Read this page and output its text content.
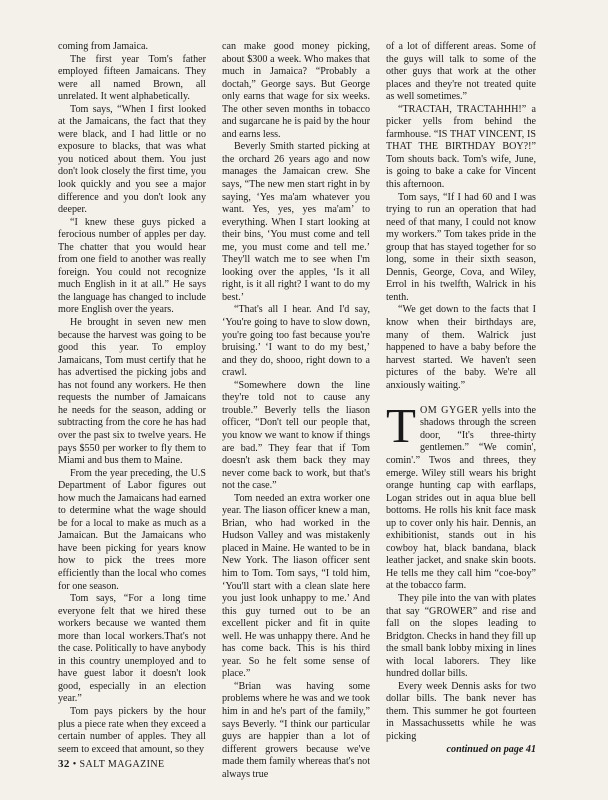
coming from Jamaica.

The first year Tom's father employed fifteen Jamaicans. They were all named Brown, all unrelated. It went alphabetically.

Tom says, “When I first looked at the Jamaicans, the fact that they were black, and I had little or no exposure to blacks, that was what you noticed about them. You just don't look closely the first time, you look quickly and you see a major difference and you don't look any deeper.

“I knew these guys picked a ferocious number of apples per day. The chatter that you would hear from one field to another was really foreign. You could not recognize much English in it at all.” He says the language has changed to include more English over the years.

He brought in seven new men because the harvest was going to be good this year. To employ Jamaicans, Tom must certify that he has advertised the picking jobs and has not found any workers. He then requests the number of Jamaicans he needs for the season, adding or subtracting from the core he has had over the past six to twelve years. He pays $550 per worker to fly them to Miami and bus them to Maine.

From the year preceding, the U.S Department of Labor figures out how much the Jamaicans had earned to determine what the wage should be for a local to make as much as a Jamaican. But the Jamaicans who have been picking for years know how to pick the trees more efficiently than the local who comes for one season.

Tom says, “For a long time everyone felt that we hired these workers because we wanted them more than local workers.That's not the case. Politically to have anybody in this country unemployed and to have guest labor it doesn't look good, especially in an election year.”

Tom pays pickers by the hour plus a piece rate when they exceed a certain number of apples. They all seem to exceed that amount, so they

can make good money picking, about $300 a week. Who makes that much in Jamaica? “Probably a doctah,” George says. But George only earns that wage for six weeks. The other seven months in tobacco and sugarcane he is paid by the hour and earns less.

Beverly Smith started picking at the orchard 26 years ago and now manages the Jamaican crew. She says, “The new men start right in by saying, ‘Yes ma'am whatever you want. Yes, yes, yes ma'am’ to everything. When I start looking at their bins, ‘You must come and tell me, you must come and tell me.’ They'll watch me to see when I'm looking over the apples, ‘Is it all right, is it all right? I want to do my best.’

“That's all I hear. And I'd say, ‘You're going to have to slow down, you're going too fast because you're bruising.’ ‘I want to do my best,’ and they do, shooo, right down to a crawl.

“Somewhere down the line they're told not to cause any trouble.” Beverly tells the liason officer, “Don't tell our people that, you know we want to know if things are bad.” They fear that if Tom doesn't ask them back they may never come back to work, but that's not the case.”

Tom needed an extra worker one year. The liason officer knew a man, Brian, who had worked in the Hudson Valley and was mistakenly placed in Maine. He wanted to be in New York. The liason officer sent him to Tom. Tom says, “I told him, ‘You'll start with a clean slate here you just look unhappy to me.’ And this guy turned out to be an excellent picker and fit in quite well. He was unhappy there. And he has come back. This is his third year. So he felt some sense of place.”

“Brian was having some problems where he was and we took him in and he's part of the family,” says Beverly. “I think our particular guys are happier than a lot of different growers because we've made them family whereas that's not always true

of a lot of different areas. Some of the guys will talk to some of the other guys that work at the other places and they're not treated quite as well sometimes.”

“TRACTAH, TRACTAHHH!” a picker yells from behind the farmhouse. “IS THAT VINCENT, IS THAT THE BIRTHDAY BOY?!” Tom shouts back. Tom's wife, June, is going to bake a cake for Vincent this afternoon.

Tom says, “If I had 60 and I was trying to run an operation that had need of that many, I could not know my workers.” Tom takes pride in the group that has stayed together for so long, some in their sixth season, Dennis, George, Cova, and Wiley, Errol in his twelfth, Walrick in his tenth.

“We get down to the facts that I know when their birthdays are, many of them. Walrick just happened to have a baby before the harvest started. We haven't seen pictures of the baby. We're all anxiously waiting.”

TOM GYGER yells into the shadows through the screen door, “It's three-thirty gentlemen.” “We comin', comin'.” Twos and threes, they emerge. Wiley still wears his bright orange hunting cap with earflaps, Logan strides out in aqua blue bell bottoms. He rolls his knit face mask up to cover only his hair. Dennis, an exhibitionist, stands out in his cowboy hat, black bandana, black leather jacket, and snake skin boots. He tells me they call him “coe-boy” at the tobacco farm.

They pile into the van with plates that say “GROWER” and rise and fall on the slopes leading to Bridgton. Checks in hand they fill up the small bank lobby mixing in lines with local laborers. They like hundred dollar bills.

Every week Dennis asks for two dollar bills. The bank never has them. This summer he got fourteen in Massachussetts while he was picking

continued on page 41
32 • SALT MAGAZINE
